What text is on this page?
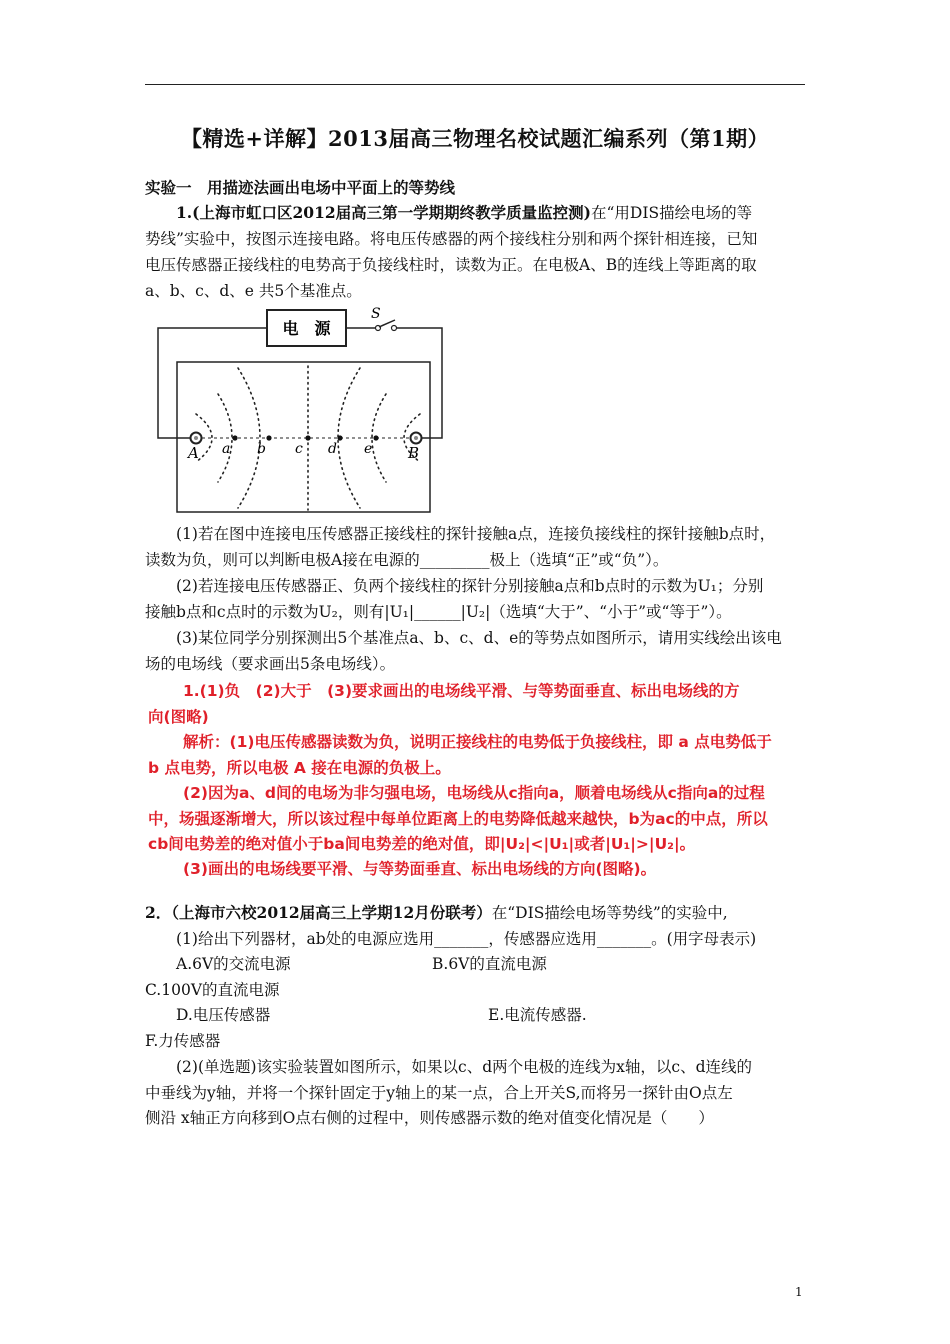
【精选+详解】2013届高三物理名校试题汇编系列（第1期）
实验一　用描迹法画出电场中平面上的等势线
1.(上海市虹口区2012届高三第一学期期终教学质量监控测)在“用DIS描绘电场的等
势线”实验中，按图示连接电路。将电压传感器的两个接线柱分别和两个探针相连接，已知
电压传感器正接线柱的电势高于负接线柱时，读数为正。在电极A、B的连线上等距离的取
a、b、c、d、e 共5个基准点。
S
电　源
A	B
a b c d e
(1)若在图中连接电压传感器正接线柱的探针接触a点，连接负接线柱的探针接触b点时，
读数为负，则可以判断电极A接在电源的_________极上（选填“正”或“负”）。
(2)若连接电压传感器正、负两个接线柱的探针分别接触a点和b点时的示数为U₁；分别
接触b点和c点时的示数为U₂，则有|U₁|______|U₂|（选填“大于”、“小于”或“等于”）。
(3)某位同学分别探测出5个基准点a、b、c、d、e的等势点如图所示，请用实线绘出该电
场的电场线（要求画出5条电场线）。
1.(1)负　(2)大于　(3)要求画出的电场线平滑、与等势面垂直、标出电场线的方
向(图略)
解析：(1)电压传感器读数为负，说明正接线柱的电势低于负接线柱，即 a 点电势低于
b 点电势，所以电极 A 接在电源的负极上。
(2)因为a、d间的电场为非匀强电场，电场线从c指向a，顺着电场线从c指向a的过程
中，场强逐渐增大，所以该过程中每单位距离上的电势降低越来越快，b为ac的中点，所以
cb间电势差的绝对值小于ba间电势差的绝对值，即|U₂|<|U₁|或者|U₁|>|U₂|。
(3)画出的电场线要平滑、与等势面垂直、标出电场线的方向(图略)。
2．（上海市六校2012届高三上学期12月份联考）在“DIS描绘电场等势线”的实验中,
(1)给出下列器材，ab处的电源应选用_______，传感器应选用_______。(用字母表示)
A.6V的交流电源	B.6V的直流电源
C.100V的直流电源
D.电压传感器	E.电流传感器.
F.力传感器
(2)(单选题)该实验装置如图所示，如果以c、d两个电极的连线为x轴，以c、d连线的
中垂线为y轴，并将一个探针固定于y轴上的某一点，合上开关S,而将另一探针由O点左
侧沿 x轴正方向移到O点右侧的过程中，则传感器示数的绝对值变化情况是（　　）
1
